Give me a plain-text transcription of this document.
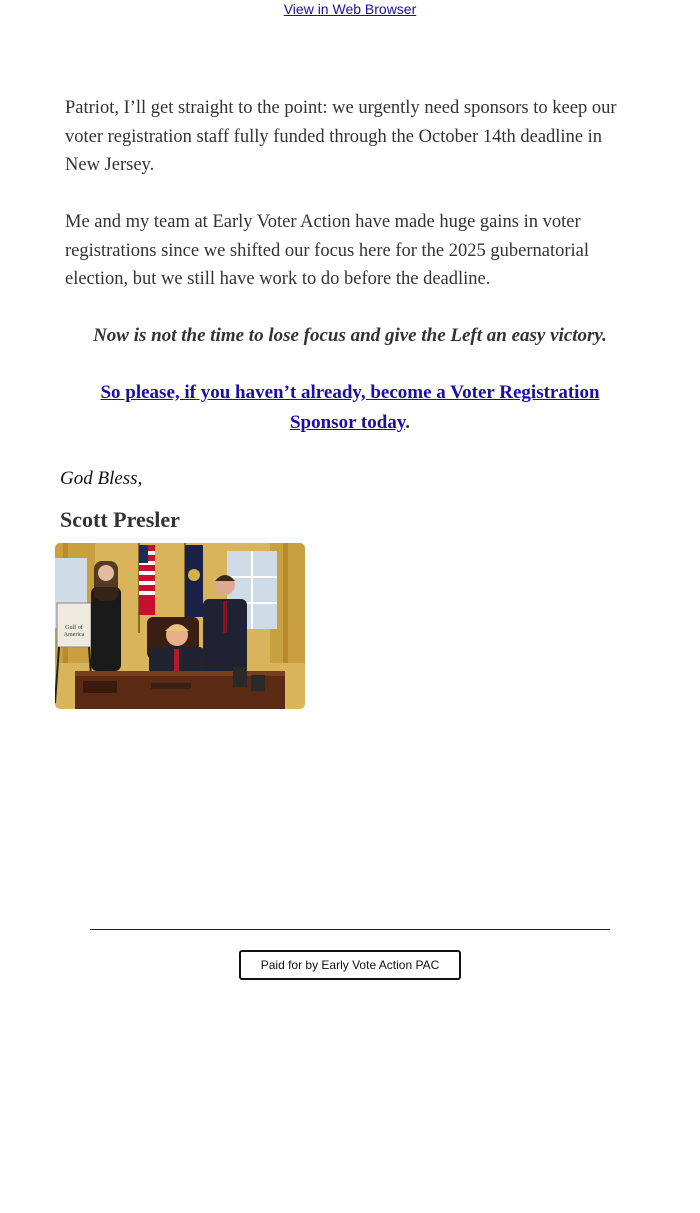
View in Web Browser

Patriot, I’ll get straight to the point: we urgently need sponsors to keep our voter registration staff fully funded through the October 14th deadline in New Jersey.

Me and my team at Early Voter Action have made huge gains in voter registrations since we shifted our focus here for the 2025 gubernatorial election, but we still have work to do before the deadline.

Now is not the time to lose focus and give the Left an easy victory.

So please, if you haven’t already, become a Voter Registration Sponsor today.

God Bless,

Scott Presler

Gulf of America
Paid for by Early Vote Action PAC
